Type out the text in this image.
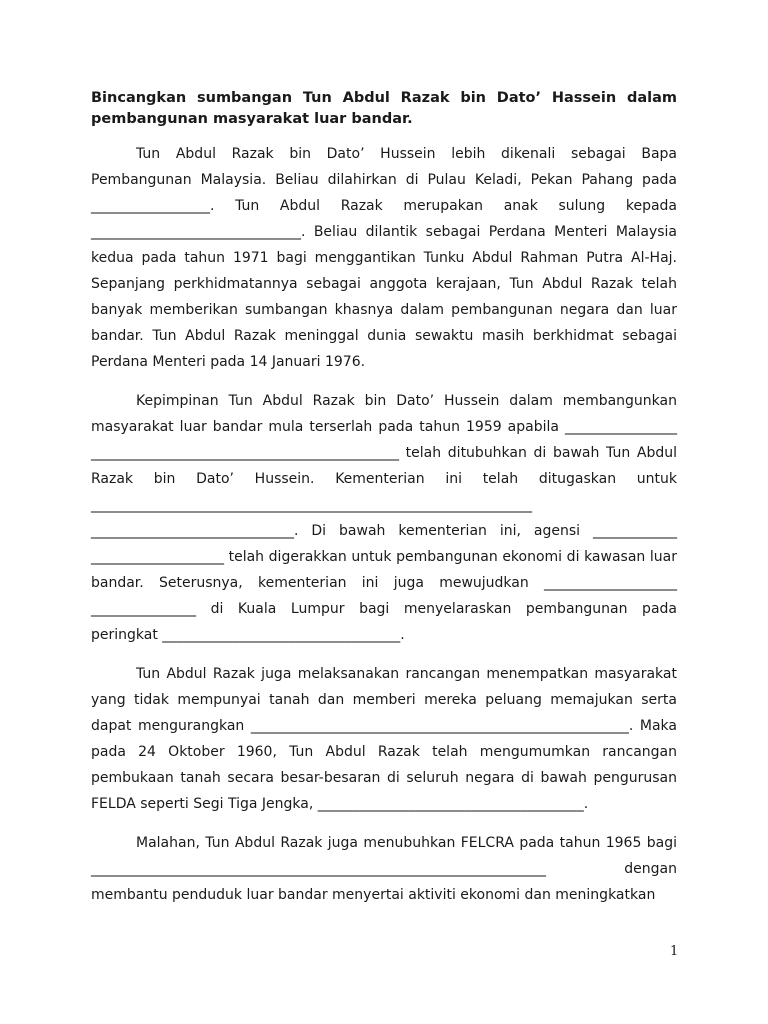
Bincangkan sumbangan Tun Abdul Razak bin Dato’ Hassein dalam pembangunan masyarakat luar bandar.

Tun Abdul Razak bin Dato’ Hussein lebih dikenali sebagai Bapa Pembangunan Malaysia. Beliau dilahirkan di Pulau Keladi, Pekan Pahang pada _________________. Tun Abdul Razak merupakan anak sulung kepada ______________________________. Beliau dilantik sebagai Perdana Menteri Malaysia kedua pada tahun 1971 bagi menggantikan Tunku Abdul Rahman Putra Al-Haj. Sepanjang perkhidmatannya sebagai anggota kerajaan, Tun Abdul Razak telah banyak memberikan sumbangan khasnya dalam pembangunan negara dan luar bandar. Tun Abdul Razak meninggal dunia sewaktu masih berkhidmat sebagai Perdana Menteri pada 14 Januari 1976.

Kepimpinan Tun Abdul Razak bin Dato’ Hussein dalam membangunkan masyarakat luar bandar mula terserlah pada tahun 1959 apabila ________________ ____________________________________________ telah ditubuhkan di bawah Tun Abdul Razak bin Dato’ Hussein. Kementerian ini telah ditugaskan untuk _______________________________________________________________ _____________________________. Di bawah kementerian ini, agensi ____________ ___________________ telah digerakkan untuk pembangunan ekonomi di kawasan luar bandar. Seterusnya, kementerian ini juga mewujudkan ___________________ _______________ di Kuala Lumpur bagi menyelaraskan pembangunan pada peringkat __________________________________.

Tun Abdul Razak juga melaksanakan rancangan menempatkan masyarakat yang tidak mempunyai tanah dan memberi mereka peluang memajukan serta dapat mengurangkan ______________________________________________________. Maka pada 24 Oktober 1960, Tun Abdul Razak telah mengumumkan rancangan pembukaan tanah secara besar-besaran di seluruh negara di bawah pengurusan FELDA seperti Segi Tiga Jengka, ______________________________________.

Malahan, Tun Abdul Razak juga menubuhkan FELCRA pada tahun 1965 bagi _________________________________________________________________ dengan membantu penduduk luar bandar menyertai aktiviti ekonomi dan meningkatkan

1
